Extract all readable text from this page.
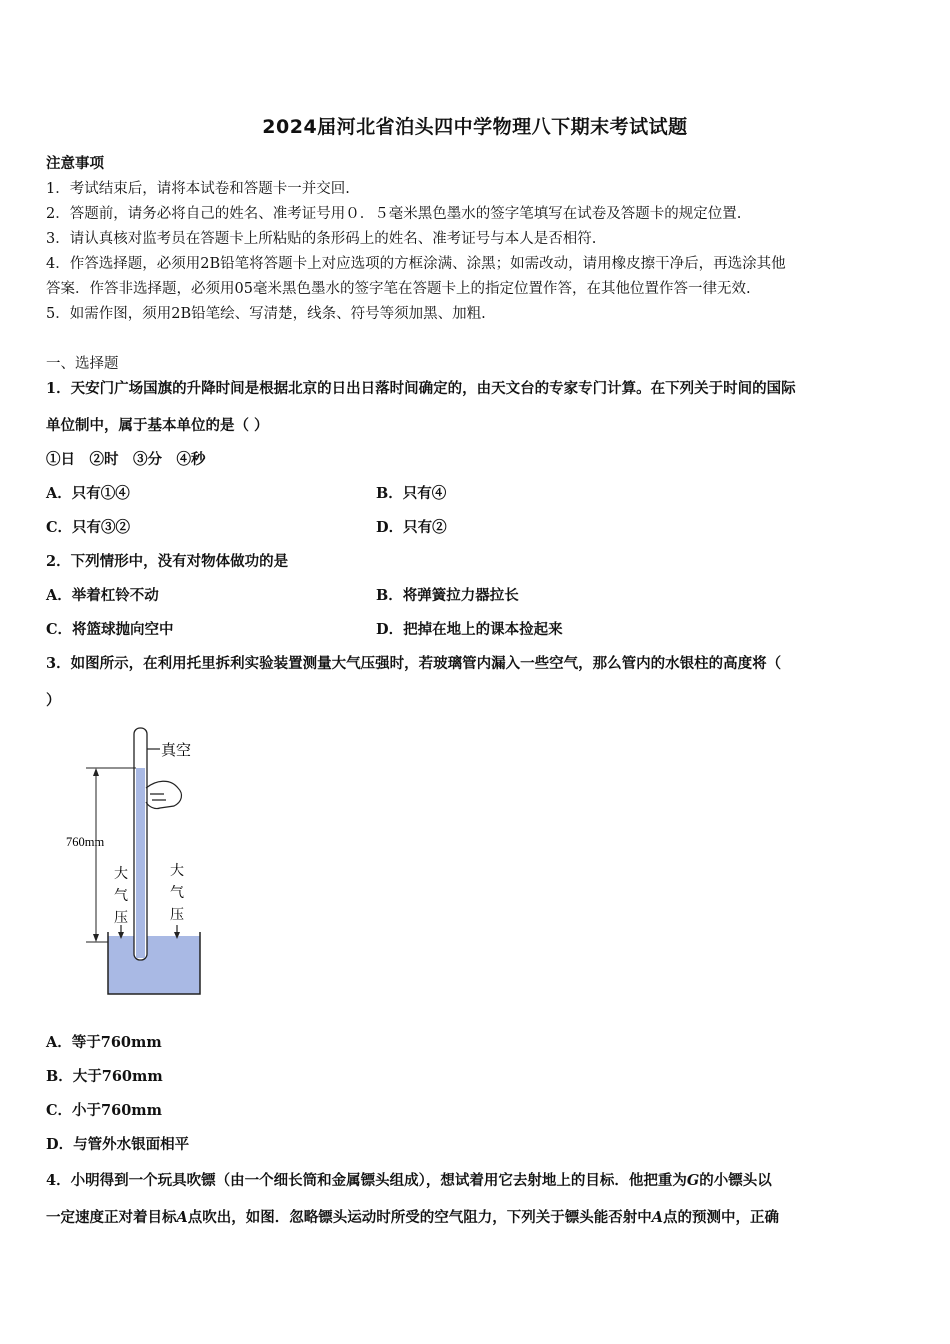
2024届河北省泊头四中学物理八下期末考试试题
注意事项
1．考试结束后，请将本试卷和答题卡一并交回.
2．答题前，请务必将自己的姓名、准考证号用０．５毫米黑色墨水的签字笔填写在试卷及答题卡的规定位置.
3．请认真核对监考员在答题卡上所粘贴的条形码上的姓名、准考证号与本人是否相符.
4．作答选择题，必须用2B铅笔将答题卡上对应选项的方框涂满、涂黑；如需改动，请用橡皮擦干净后，再选涂其他
答案．作答非选择题，必须用05毫米黑色墨水的签字笔在答题卡上的指定位置作答，在其他位置作答一律无效.
5．如需作图，须用2B铅笔绘、写清楚，线条、符号等须加黑、加粗.
一、选择题
1．天安门广场国旗的升降时间是根据北京的日出日落时间确定的，由天文台的专家专门计算。在下列关于时间的国际
单位制中，属于基本单位的是（ ）
①日　②时　③分　④秒
A．只有①④	B．只有④
C．只有③②	D．只有②
2．下列情形中，没有对物体做功的是
A．举着杠铃不动	B．将弹簧拉力器拉长
C．将篮球抛向空中	D．把掉在地上的课本捡起来
3．如图所示，在利用托里拆利实验装置测量大气压强时，若玻璃管内漏入一些空气，那么管内的水银柱的高度将（
）
真空
760mm
大
气
压
大
气
压
A．等于760mm
B．大于760mm
C．小于760mm
D．与管外水银面相平
4．小明得到一个玩具吹镖（由一个细长筒和金属镖头组成），想试着用它去射地上的目标．他把重为G的小镖头以
一定速度正对着目标A点吹出，如图．忽略镖头运动时所受的空气阻力，下列关于镖头能否射中A点的预测中，正确
